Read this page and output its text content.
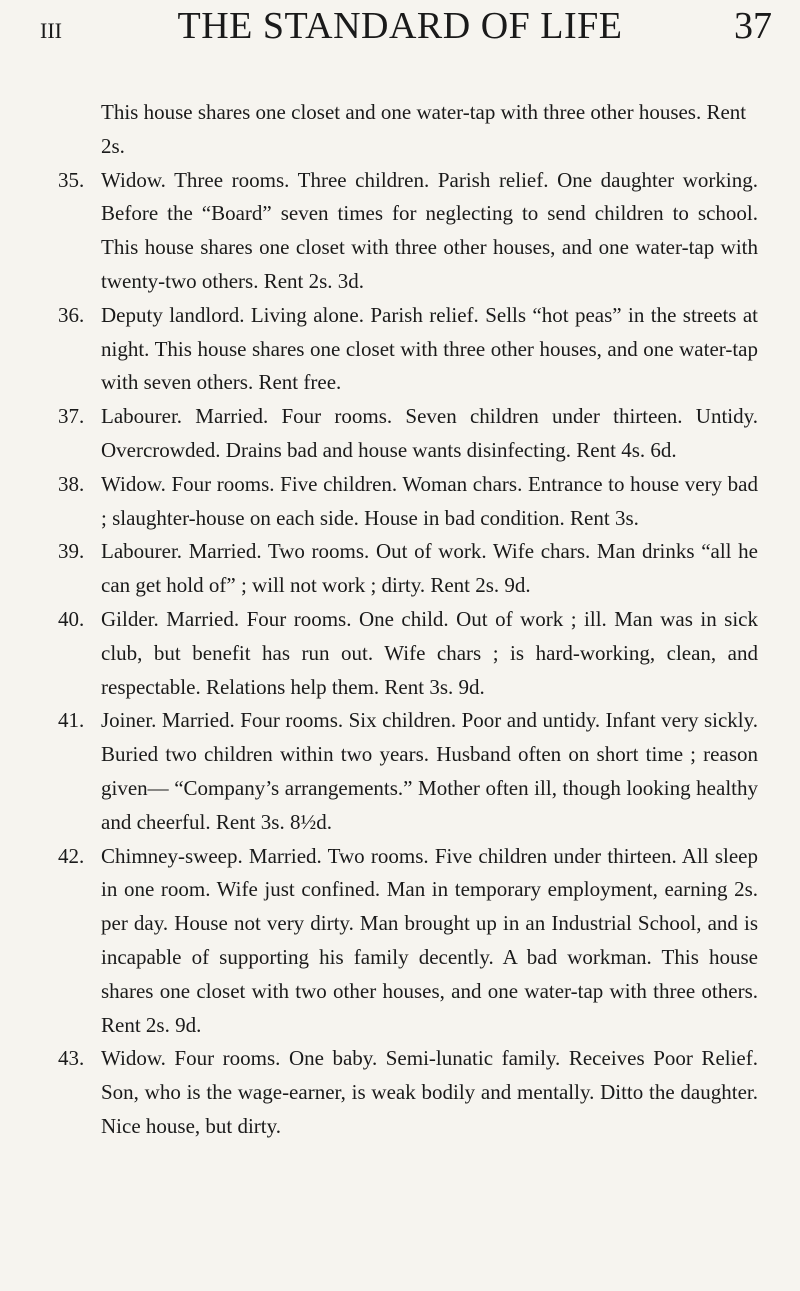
III	THE STANDARD OF LIFE	37

This house shares one closet and one water-tap with three other houses. Rent 2s.

35. Widow. Three rooms. Three children. Parish relief. One daughter working. Before the “Board” seven times for neglecting to send children to school. This house shares one closet with three other houses, and one water-tap with twenty-two others. Rent 2s. 3d.

36. Deputy landlord. Living alone. Parish relief. Sells “hot peas” in the streets at night. This house shares one closet with three other houses, and one water-tap with seven others. Rent free.

37. Labourer. Married. Four rooms. Seven children under thirteen. Untidy. Overcrowded. Drains bad and house wants disinfecting. Rent 4s. 6d.

38. Widow. Four rooms. Five children. Woman chars. Entrance to house very bad ; slaughter-house on each side. House in bad condition. Rent 3s.

39. Labourer. Married. Two rooms. Out of work. Wife chars. Man drinks “all he can get hold of” ; will not work ; dirty. Rent 2s. 9d.

40. Gilder. Married. Four rooms. One child. Out of work ; ill. Man was in sick club, but benefit has run out. Wife chars ; is hard-working, clean, and respectable. Relations help them. Rent 3s. 9d.

41. Joiner. Married. Four rooms. Six children. Poor and untidy. Infant very sickly. Buried two children within two years. Husband often on short time ; reason given— “Company’s arrangements.” Mother often ill, though looking healthy and cheerful. Rent 3s. 8½d.

42. Chimney-sweep. Married. Two rooms. Five children under thirteen. All sleep in one room. Wife just confined. Man in temporary employment, earning 2s. per day. House not very dirty. Man brought up in an Industrial School, and is incapable of supporting his family decently. A bad workman. This house shares one closet with two other houses, and one water-tap with three others. Rent 2s. 9d.

43. Widow. Four rooms. One baby. Semi-lunatic family. Receives Poor Relief. Son, who is the wage-earner, is weak bodily and mentally. Ditto the daughter. Nice house, but dirty.
